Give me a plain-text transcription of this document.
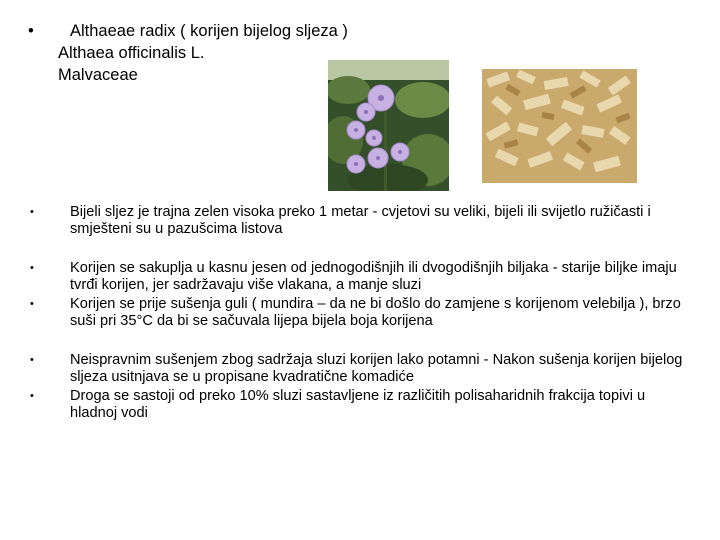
•	Althaeae radix ( korijen bijelog sljeza )
Althaea officinalis L.
Malvaceae
• Bijeli sljez je trajna zelen visoka preko 1 metar - cvjetovi su veliki, bijeli ili svijetlo ružičasti i smješteni su u pazušcima listova
• Korijen se sakuplja u kasnu jesen od jednogodišnjih ili dvogodišnjih biljaka - starije biljke imaju tvrđi korijen, jer sadržavaju više vlakana, a manje sluzi
• Korijen se prije sušenja guli ( mundira – da ne bi došlo do zamjene s korijenom velebilja ), brzo suši pri 35°C da bi se sačuvala lijepa bijela boja korijena
• Neispravnim sušenjem zbog sadržaja sluzi korijen lako potamni - Nakon sušenja korijen bijelog sljeza usitnjava se u propisane kvadratične komadiće
• Droga se sastoji od preko 10% sluzi sastavljene iz različitih polisaharidnih frakcija topivi u hladnoj vodi
